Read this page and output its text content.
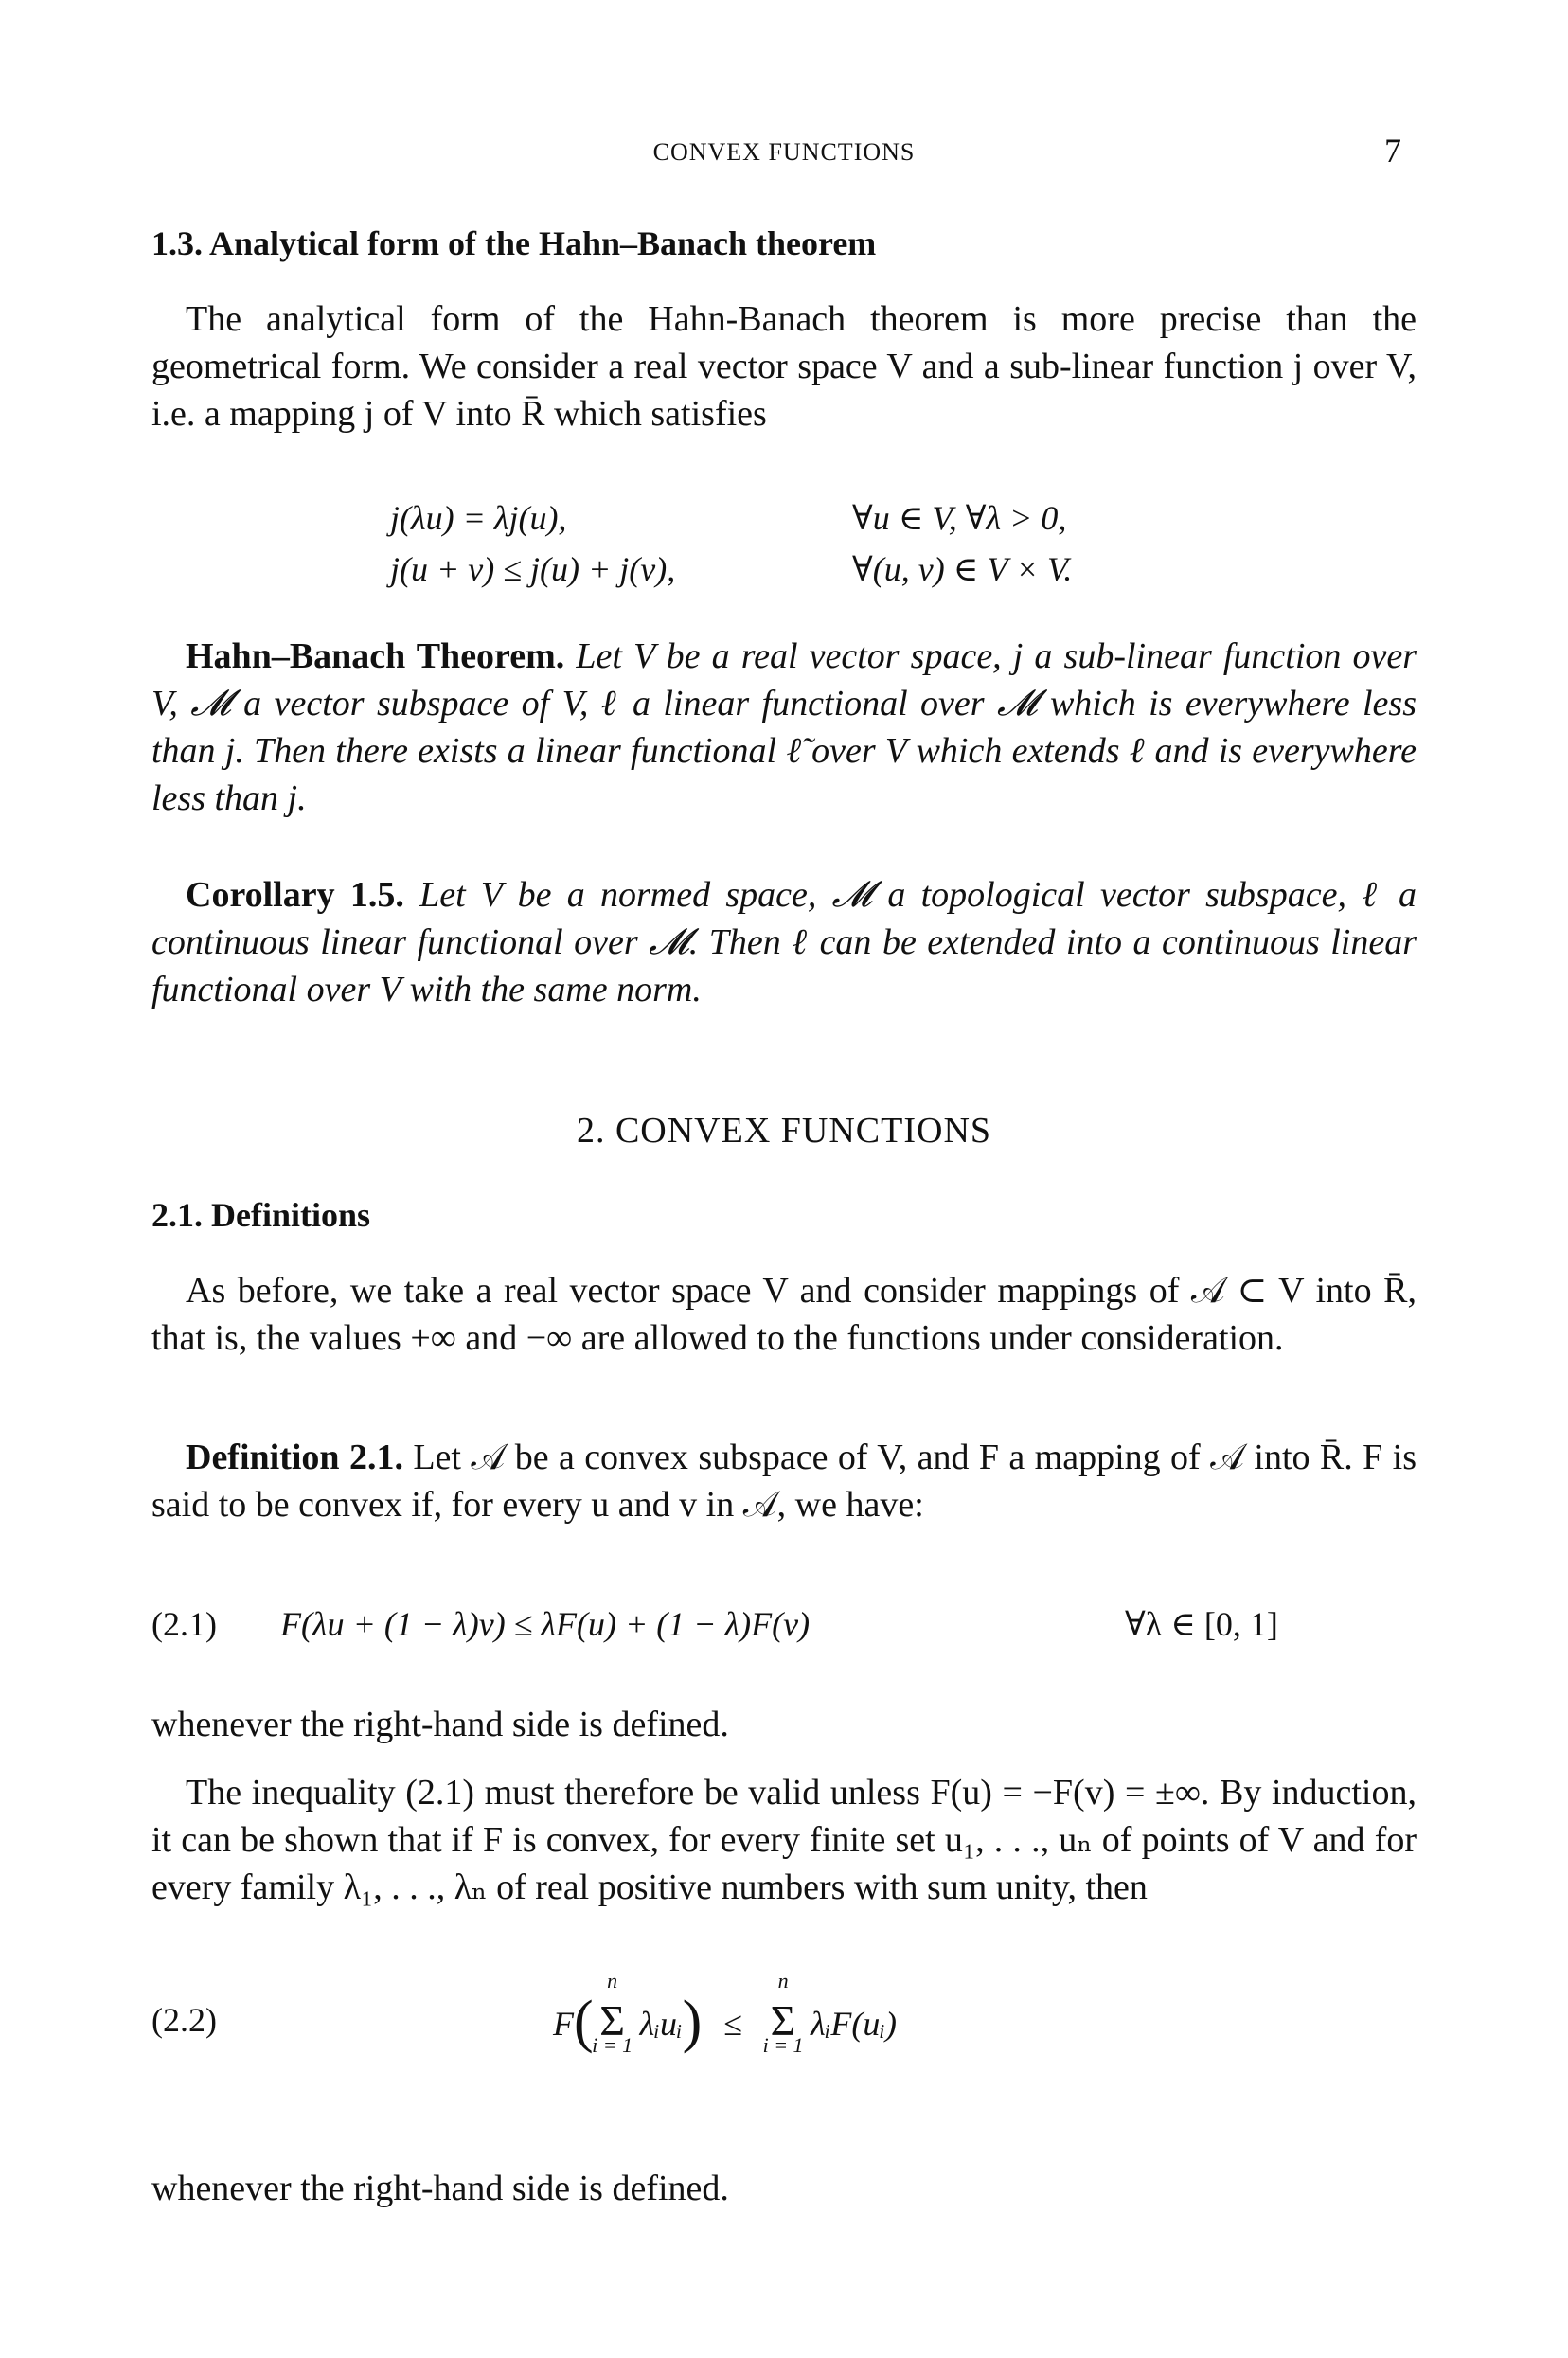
CONVEX FUNCTIONS	7
1.3. Analytical form of the Hahn–Banach theorem

The analytical form of the Hahn-Banach theorem is more precise than the geometrical form. We consider a real vector space V and a sub-linear function j over V, i.e. a mapping j of V into R̄ which satisfies

j(λu) = λj(u),	∀u ∈ V, ∀λ > 0,
j(u + v) ≤ j(u) + j(v),	∀(u, v) ∈ V × V.

Hahn–Banach Theorem. Let V be a real vector space, j a sub-linear function over V, 𝓜 a vector subspace of V, ℓ a linear functional over 𝓜 which is everywhere less than j. Then there exists a linear functional ℓ̃ over V which extends ℓ and is everywhere less than j.

Corollary 1.5. Let V be a normed space, 𝓜 a topological vector subspace, ℓ a continuous linear functional over 𝓜. Then ℓ can be extended into a continuous linear functional over V with the same norm.

2. CONVEX FUNCTIONS
2.1. Definitions

As before, we take a real vector space V and consider mappings of 𝒜 ⊂ V into R̄, that is, the values +∞ and −∞ are allowed to the functions under consideration.

Definition 2.1. Let 𝒜 be a convex subspace of V, and F a mapping of 𝒜 into R̄. F is said to be convex if, for every u and v in 𝒜, we have:

(2.1) F(λu + (1 − λ)v) ≤ λF(u) + (1 − λ)F(v)	∀λ ∈ [0, 1]

whenever the right-hand side is defined.

The inequality (2.1) must therefore be valid unless F(u) = −F(v) = ±∞. By induction, it can be shown that if F is convex, for every finite set u₁, . . ., uₙ of points of V and for every family λ₁, . . ., λₙ of real positive numbers with sum unity, then

(2.2)	F(
n
Σ
i = 1
λᵢuᵢ) ≤
n
Σ
i = 1
λᵢF(uᵢ)

whenever the right-hand side is defined.
